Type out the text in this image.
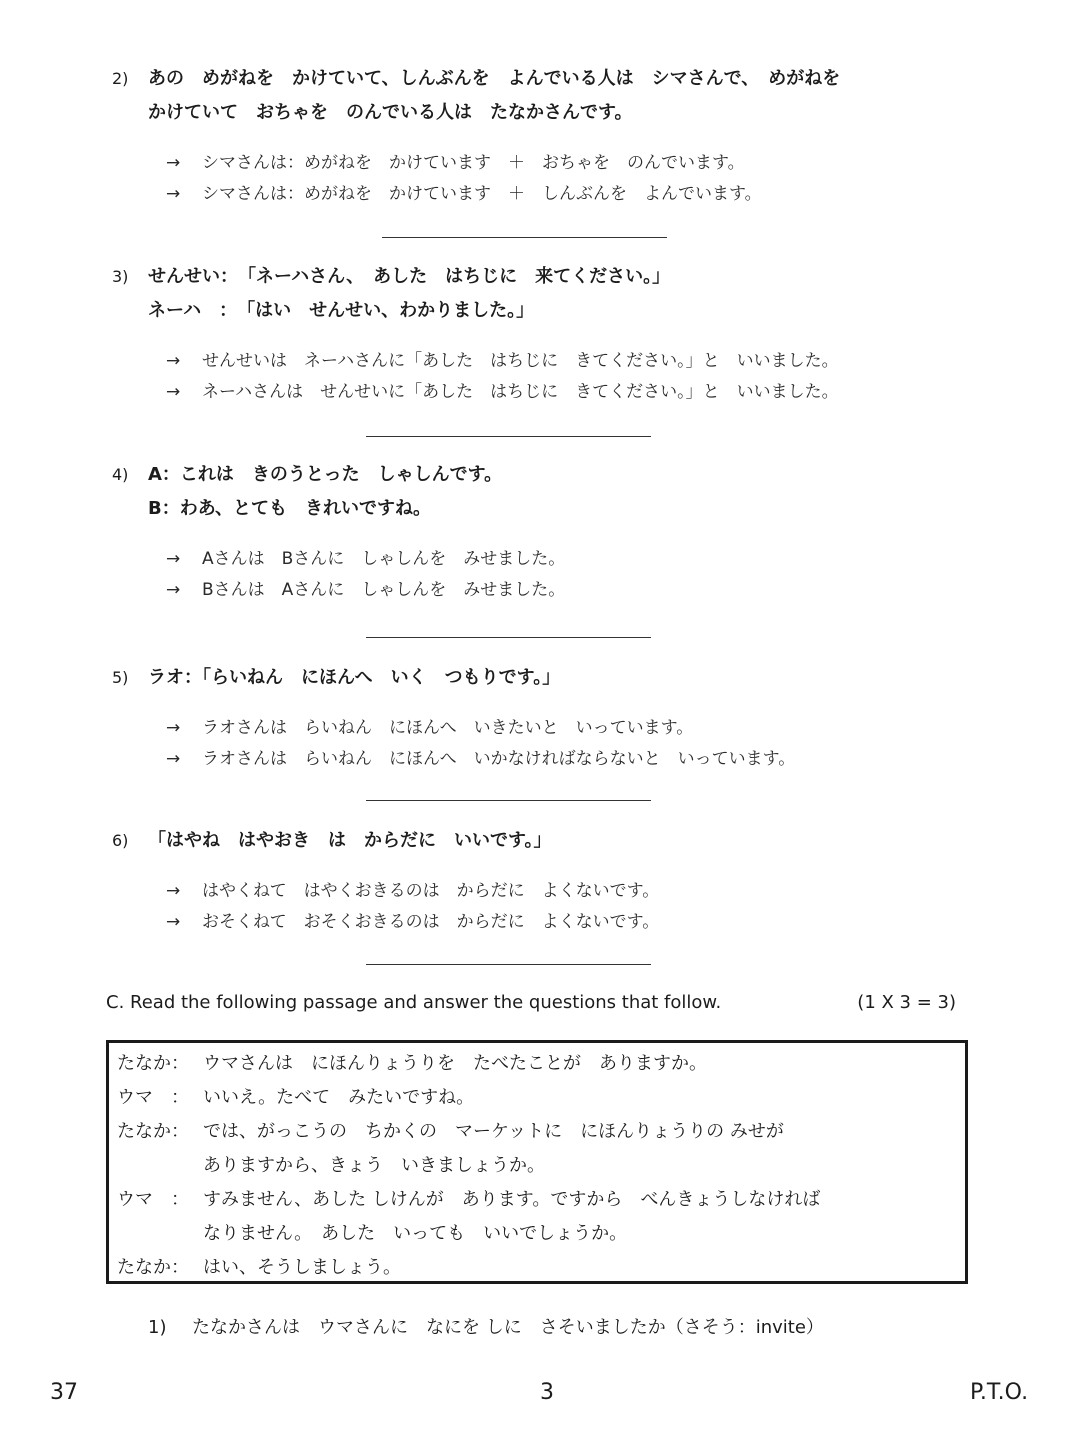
2)	あの　めがねを　かけていて、しんぶんを　よんでいる人は　シマさんで、　めがねを
かけていて　おちゃを　のんでいる人は　たなかさんです。
→	シマさんは：めがねを　かけています　＋　おちゃを　のんでいます。
→	シマさんは：めがねを　かけています　＋　しんぶんを　よんでいます。
3)	せんせい：　「ネーハさん、　あした　はちじに　来てください。」
ネーハ　：　「はい　せんせい、わかりました。」
→	せんせいは　ネーハさんに「あした　はちじに　きてください。」と　いいました。
→	ネーハさんは　せんせいに「あした　はちじに　きてください。」と　いいました。
4)	A：これは　きのうとった　しゃしんです。
B：わあ、とても　きれいですね。
→	Aさんは　Bさんに　しゃしんを　みせました。
→	Bさんは　Aさんに　しゃしんを　みせました。
5)	ラオ：「らいねん　にほんへ　いく　つもりです。」
→	ラオさんは　らいねん　にほんへ　いきたいと　いっています。
→	ラオさんは　らいねん　にほんへ　いかなければならないと　いっています。
6)	「はやね　はやおき　は　からだに　いいです。」
→	はやくねて　はやくおきるのは　からだに　よくないです。
→	おそくねて　おそくおきるのは　からだに　よくないです。
C. Read the following passage and answer the questions that follow.	(1 X 3 = 3)
たなか： ウマさんは　にほんりょうりを　たべたことが　ありますか。
ウマ　： いいえ。たべて　みたいですね。
たなか： では、がっこうの　ちかくの　マーケットに　にほんりょうりの みせが
ありますから、きょう　いきましょうか。
ウマ　： すみません、あした しけんが　あります。ですから　べんきょうしなければ
なりません。　あした　いっても　いいでしょうか。
たなか： はい、そうしましょう。
1)	たなかさんは　ウマさんに　なにを しに　さそいましたか（さそう：invite）
37	3	P.T.O.
